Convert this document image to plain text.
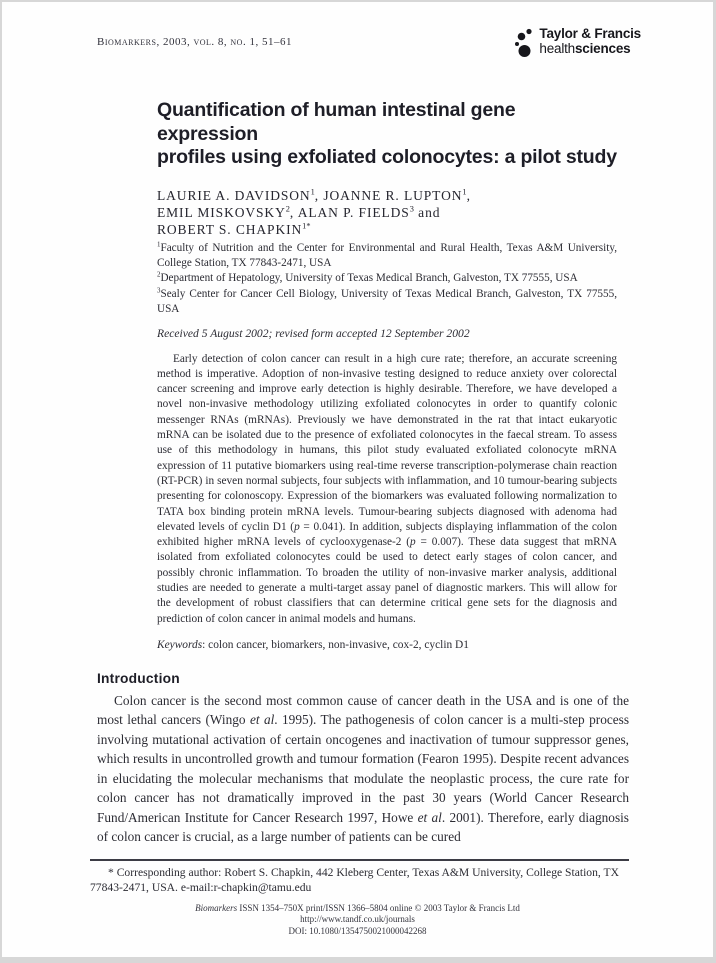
Biomarkers, 2003, vol. 8, no. 1, 51–61
Taylor & Francis
healthsciences
Quantification of human intestinal gene expression
profiles using exfoliated colonocytes: a pilot study
LAURIE A. DAVIDSON$^1$, JOANNE R. LUPTON$^1$,
EMIL MISKOVSKY$^2$, ALAN P. FIELDS$^3$ and
ROBERT S. $CHAPKIN^{1*}$
$^1$Faculty of Nutrition and the Center for Environmental and Rural Health, Texas A&M University, College Station, TX 77843-2471, USA
$^2$Department of Hepatology, University of Texas Medical Branch, Galveston, TX 77555, USA
$^3$Sealy Center for Cancer Cell Biology, University of Texas Medical Branch, Galveston, TX 77555, USA
Received 5 August 2002; revised form accepted 12 September 2002

Early detection of colon cancer can result in a high cure rate; therefore, an accurate screening method is imperative. Adoption of non-invasive testing designed to reduce anxiety over colorectal cancer screening and improve early detection is highly desirable. Therefore, we have developed a novel non-invasive methodology utilizing exfoliated colonocytes in order to quantify colonic messenger RNAs (mRNAs). Previously we have demonstrated in the rat that intact eukaryotic mRNA can be isolated due to the presence of exfoliated colonocytes in the faecal stream. To assess use of this methodology in humans, this pilot study evaluated exfoliated colonocyte mRNA expression of 11 putative biomarkers using real-time reverse transcription-polymerase chain reaction (RT-PCR) in seven normal subjects, four subjects with inflammation, and 10 tumour-bearing subjects presenting for colonoscopy. Expression of the biomarkers was evaluated following normalization to TATA box binding protein mRNA levels. Tumour-bearing subjects diagnosed with adenoma had elevated levels of cyclin D1 (p = 0.041). In addition, subjects displaying inflammation of the colon exhibited higher mRNA levels of cyclooxygenase-2 (p = 0.007). These data suggest that mRNA isolated from exfoliated colonocytes could be used to detect early stages of colon cancer, and possibly chronic inflammation. To broaden the utility of non-invasive marker analysis, additional studies are needed to generate a multi-target assay panel of diagnostic markers. This will allow for the development of robust classifiers that can determine critical gene sets for the diagnosis and prediction of colon cancer in animal models and humans.

Keywords: colon cancer, biomarkers, non-invasive, cox-2, cyclin D1
Introduction

Colon cancer is the second most common cause of cancer death in the USA and is one of the most lethal cancers (Wingo et al. 1995). The pathogenesis of colon cancer is a multi-step process involving mutational activation of certain oncogenes and inactivation of tumour suppressor genes, which results in uncontrolled growth and tumour formation (Fearon 1995). Despite recent advances in elucidating the molecular mechanisms that modulate the neoplastic process, the cure rate for colon cancer has not dramatically improved in the past 30 years (World Cancer Research Fund/American Institute for Cancer Research 1997, Howe et al. 2001). Therefore, early diagnosis of colon cancer is crucial, as a large number of patients can be cured

* Corresponding author: Robert S. Chapkin, 442 Kleberg Center, Texas A&M University, College Station, TX 77843-2471, USA. e-mail:r-chapkin@tamu.edu

Biomarkers ISSN 1354–750X print/ISSN 1366–5804 online © 2003 Taylor & Francis Ltd
http://www.tandf.co.uk/journals
DOI: 10.1080/1354750021000042268
